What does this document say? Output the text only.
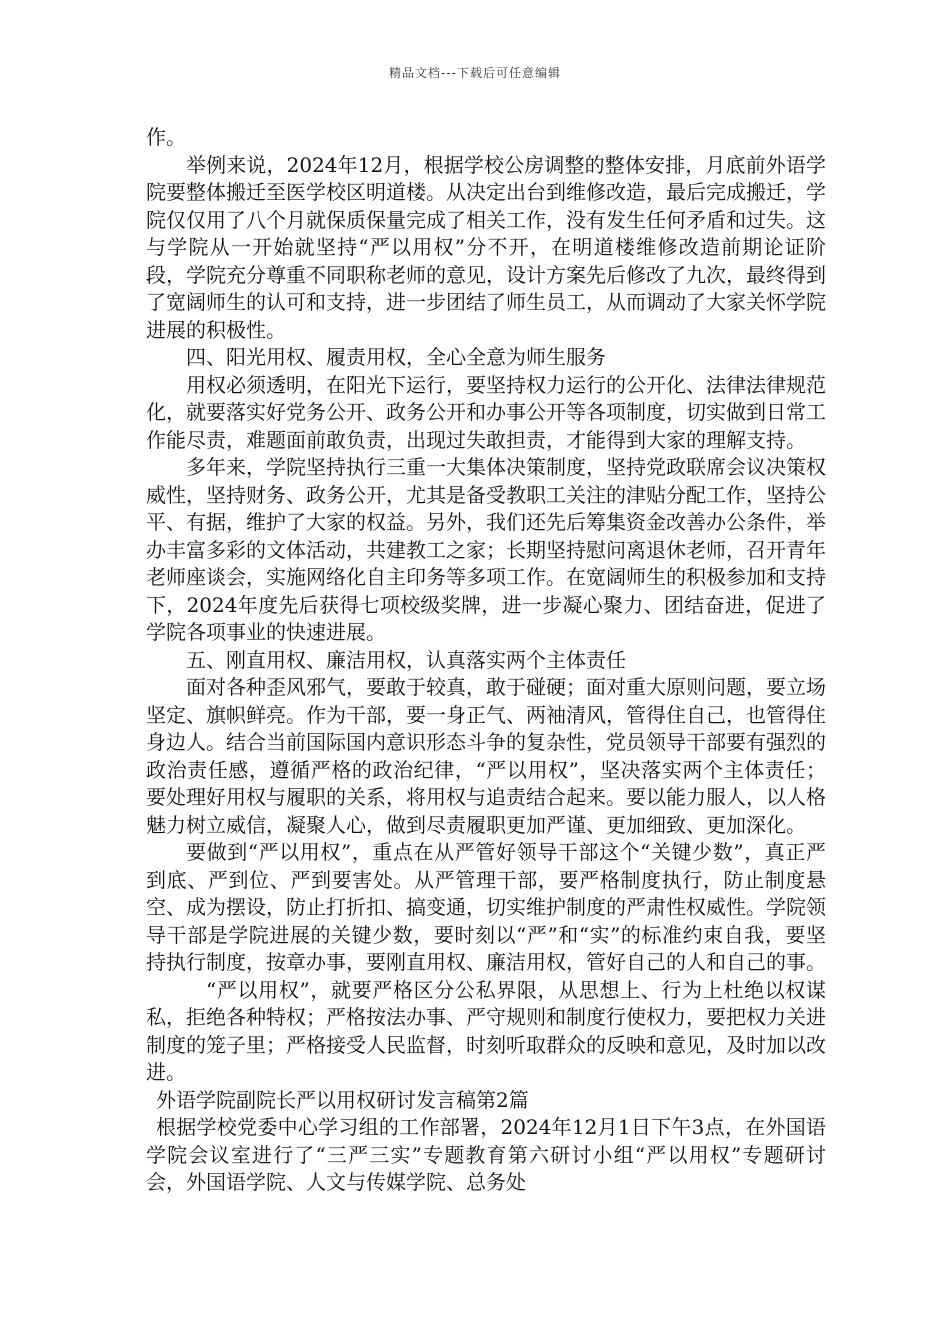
精品文档---下载后可任意编辑

作。

举例来说，2024年12月，根据学校公房调整的整体安排，月底前外语学院要整体搬迁至医学校区明道楼。从决定出台到维修改造，最后完成搬迁，学院仅仅用了八个月就保质保量完成了相关工作，没有发生任何矛盾和过失。这与学院从一开始就坚持“严以用权”分不开，在明道楼维修改造前期论证阶段，学院充分尊重不同职称老师的意见，设计方案先后修改了九次，最终得到了宽阔师生的认可和支持，进一步团结了师生员工，从而调动了大家关怀学院进展的积极性。

四、阳光用权、履责用权，全心全意为师生服务

用权必须透明，在阳光下运行，要坚持权力运行的公开化、法律法律规范化，就要落实好党务公开、政务公开和办事公开等各项制度，切实做到日常工作能尽责，难题面前敢负责，出现过失敢担责，才能得到大家的理解支持。

多年来，学院坚持执行三重一大集体决策制度，坚持党政联席会议决策权威性，坚持财务、政务公开，尤其是备受教职工关注的津贴分配工作，坚持公平、有据，维护了大家的权益。另外，我们还先后筹集资金改善办公条件，举办丰富多彩的文体活动，共建教工之家；长期坚持慰问离退休老师，召开青年老师座谈会，实施网络化自主印务等多项工作。在宽阔师生的积极参加和支持下，2024年度先后获得七项校级奖牌，进一步凝心聚力、团结奋进，促进了学院各项事业的快速进展。

五、刚直用权、廉洁用权，认真落实两个主体责任

面对各种歪风邪气，要敢于较真，敢于碰硬；面对重大原则问题，要立场坚定、旗帜鲜亮。作为干部，要一身正气、两袖清风，管得住自己，也管得住身边人。结合当前国际国内意识形态斗争的复杂性，党员领导干部要有强烈的政治责任感，遵循严格的政治纪律，“严以用权”，坚决落实两个主体责任；要处理好用权与履职的关系，将用权与追责结合起来。要以能力服人，以人格魅力树立威信，凝聚人心，做到尽责履职更加严谨、更加细致、更加深化。

要做到“严以用权”，重点在从严管好领导干部这个“关键少数”，真正严到底、严到位、严到要害处。从严管理干部，要严格制度执行，防止制度悬空、成为摆设，防止打折扣、搞变通，切实维护制度的严肃性权威性。学院领导干部是学院进展的关键少数，要时刻以“严”和“实”的标准约束自我，要坚持执行制度，按章办事，要刚直用权、廉洁用权，管好自己的人和自己的事。

“严以用权”，就要严格区分公私界限，从思想上、行为上杜绝以权谋私，拒绝各种特权；严格按法办事、严守规则和制度行使权力，要把权力关进制度的笼子里；严格接受人民监督，时刻听取群众的反映和意见，及时加以改进。

外语学院副院长严以用权研讨发言稿第2篇

根据学校党委中心学习组的工作部署，2024年12月1日下午3点，在外国语学院会议室进行了“三严三实”专题教育第六研讨小组“严以用权”专题研讨会，外国语学院、人文与传媒学院、总务处
